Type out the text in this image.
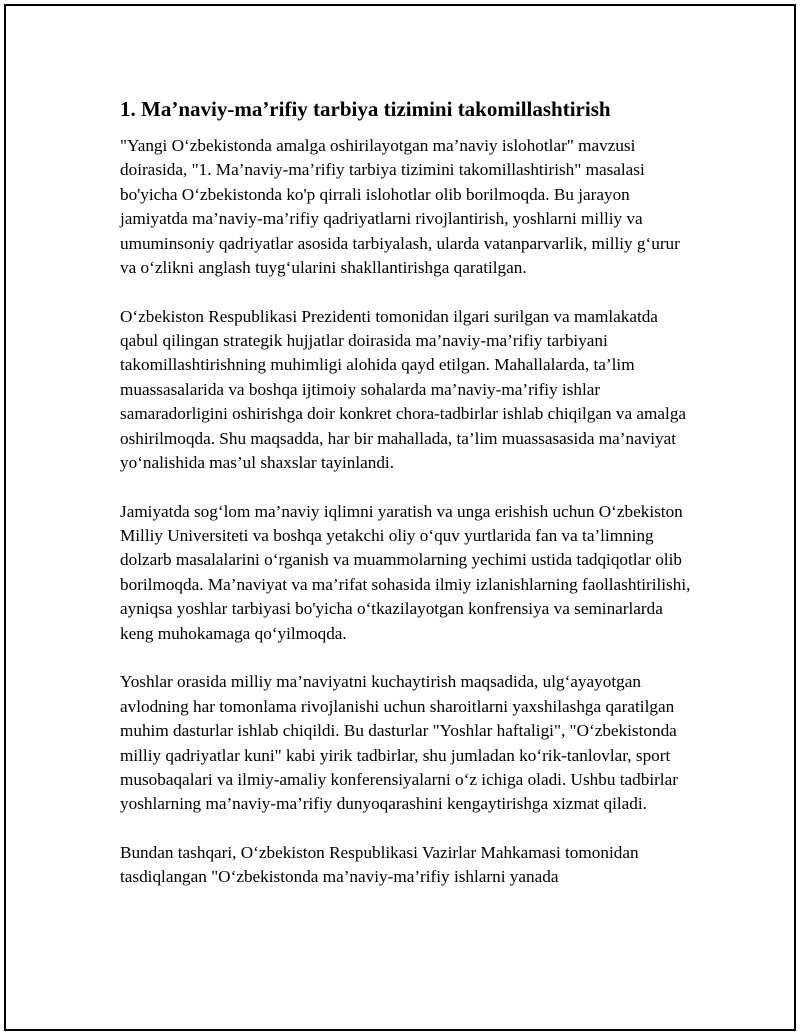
1. Ma’naviy-ma’rifiy tarbiya tizimini takomillashtirish

"Yangi O‘zbekistonda amalga oshirilayotgan ma’naviy islohotlar" mavzusi doirasida, "1. Ma’naviy-ma’rifiy tarbiya tizimini takomillashtirish" masalasi bo'yicha O‘zbekistonda ko'p qirrali islohotlar olib borilmoqda. Bu jarayon jamiyatda ma’naviy-ma’rifiy qadriyatlarni rivojlantirish, yoshlarni milliy va umuminsoniy qadriyatlar asosida tarbiyalash, ularda vatanparvarlik, milliy g‘urur va o‘zlikni anglash tuyg‘ularini shakllantirishga qaratilgan.

O‘zbekiston Respublikasi Prezidenti tomonidan ilgari surilgan va mamlakatda qabul qilingan strategik hujjatlar doirasida ma’naviy-ma’rifiy tarbiyani takomillashtirishning muhimligi alohida qayd etilgan. Mahallalarda, ta’lim muassasalarida va boshqa ijtimoiy sohalarda ma’naviy-ma’rifiy ishlar samaradorligini oshirishga doir konkret chora-tadbirlar ishlab chiqilgan va amalga oshirilmoqda. Shu maqsadda, har bir mahallada, ta’lim muassasasida ma’naviyat yo‘nalishida mas’ul shaxslar tayinlandi.

Jamiyatda sog‘lom ma’naviy iqlimni yaratish va unga erishish uchun O‘zbekiston Milliy Universiteti va boshqa yetakchi oliy o‘quv yurtlarida fan va ta’limning dolzarb masalalarini o‘rganish va muammolarning yechimi ustida tadqiqotlar olib borilmoqda. Ma’naviyat va ma’rifat sohasida ilmiy izlanishlarning faollashtirilishi, ayniqsa yoshlar tarbiyasi bo'yicha o‘tkazilayotgan konfrensiya va seminarlarda keng muhokamaga qo‘yilmoqda.

Yoshlar orasida milliy ma’naviyatni kuchaytirish maqsadida, ulg‘ayayotgan avlodning har tomonlama rivojlanishi uchun sharoitlarni yaxshilashga qaratilgan muhim dasturlar ishlab chiqildi. Bu dasturlar "Yoshlar haftaligi", "O‘zbekistonda milliy qadriyatlar kuni" kabi yirik tadbirlar, shu jumladan ko‘rik-tanlovlar, sport musobaqalari va ilmiy-amaliy konferensiyalarni o‘z ichiga oladi. Ushbu tadbirlar yoshlarning ma’naviy-ma’rifiy dunyoqarashini kengaytirishga xizmat qiladi.

Bundan tashqari, O‘zbekiston Respublikasi Vazirlar Mahkamasi tomonidan tasdiqlangan "O‘zbekistonda ma’naviy-ma’rifiy ishlarni yanada
